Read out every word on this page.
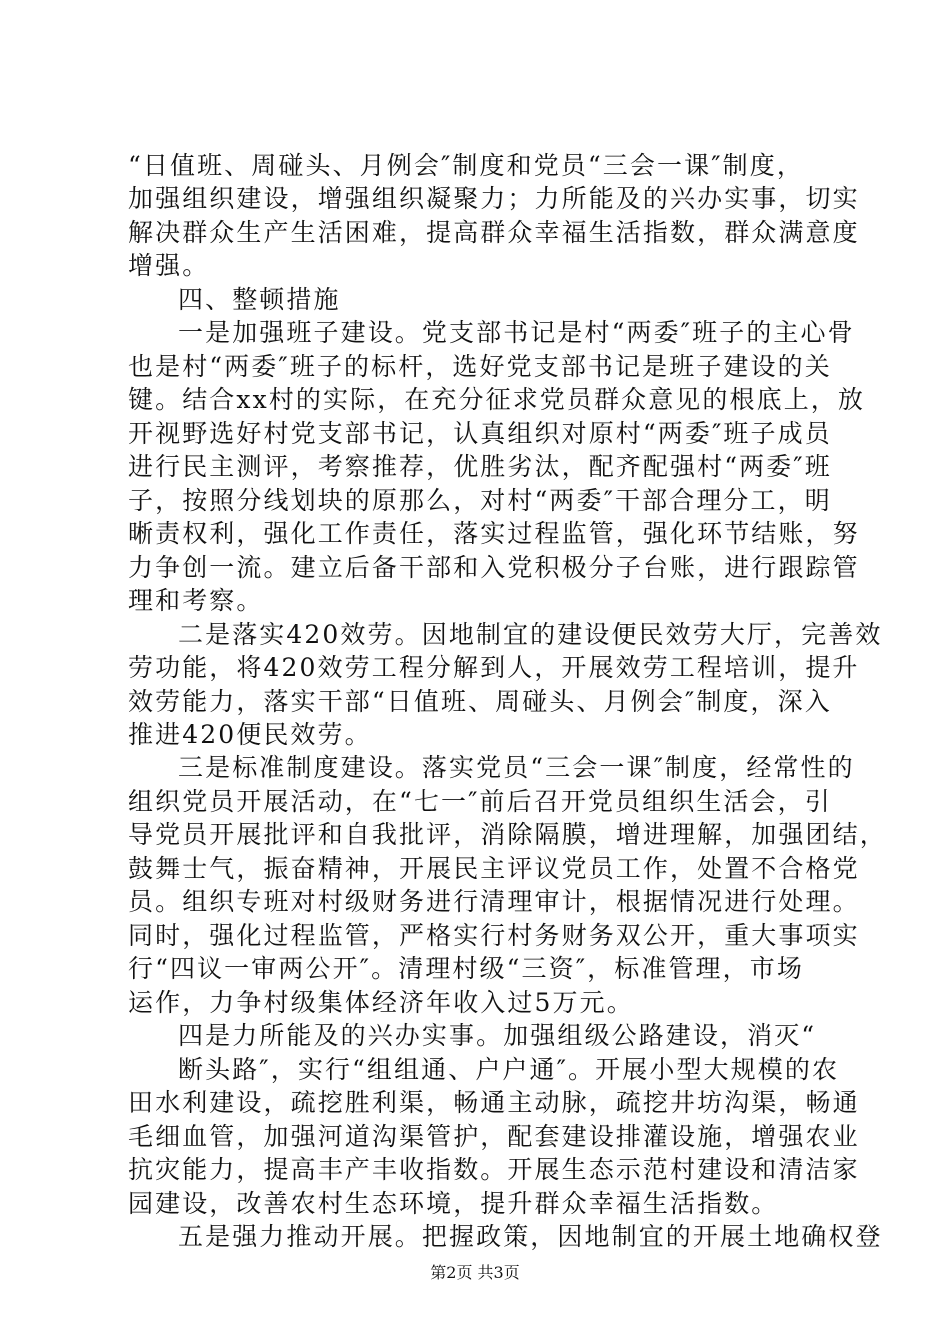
“日值班、周碰头、月例会″制度和党员“三会一课″制度，
加强组织建设，增强组织凝聚力；力所能及的兴办实事，切实
解决群众生产生活困难，提高群众幸福生活指数，群众满意度
增强。
四、整顿措施
一是加强班子建设。党支部书记是村“两委″班子的主心骨
也是村“两委″班子的标杆，选好党支部书记是班子建设的关
键。结合xx村的实际，在充分征求党员群众意见的根底上，放
开视野选好村党支部书记，认真组织对原村“两委″班子成员
进行民主测评，考察推荐，优胜劣汰，配齐配强村“两委″班
子，按照分线划块的原那么，对村“两委″干部合理分工，明
晰责权利，强化工作责任，落实过程监管，强化环节结账，努
力争创一流。建立后备干部和入党积极分子台账，进行跟踪管
理和考察。
二是落实420效劳。因地制宜的建设便民效劳大厅，完善效
劳功能，将420效劳工程分解到人，开展效劳工程培训，提升
效劳能力，落实干部“日值班、周碰头、月例会″制度，深入
推进420便民效劳。
三是标准制度建设。落实党员“三会一课″制度，经常性的
组织党员开展活动，在“七一″前后召开党员组织生活会，引
导党员开展批评和自我批评，消除隔膜，增进理解，加强团结，
鼓舞士气，振奋精神，开展民主评议党员工作，处置不合格党
员。组织专班对村级财务进行清理审计，根据情况进行处理。
同时，强化过程监管，严格实行村务财务双公开，重大事项实
行“四议一审两公开″。清理村级“三资″，标准管理，市场
运作，力争村级集体经济年收入过5万元。
四是力所能及的兴办实事。加强组级公路建设，消灭“
断头路″，实行“组组通、户户通″。开展小型大规模的农
田水利建设，疏挖胜利渠，畅通主动脉，疏挖井坊沟渠，畅通
毛细血管，加强河道沟渠管护，配套建设排灌设施，增强农业
抗灾能力，提高丰产丰收指数。开展生态示范村建设和清洁家
园建设，改善农村生态环境，提升群众幸福生活指数。
五是强力推动开展。把握政策，因地制宜的开展土地确权登
第2页 共3页
